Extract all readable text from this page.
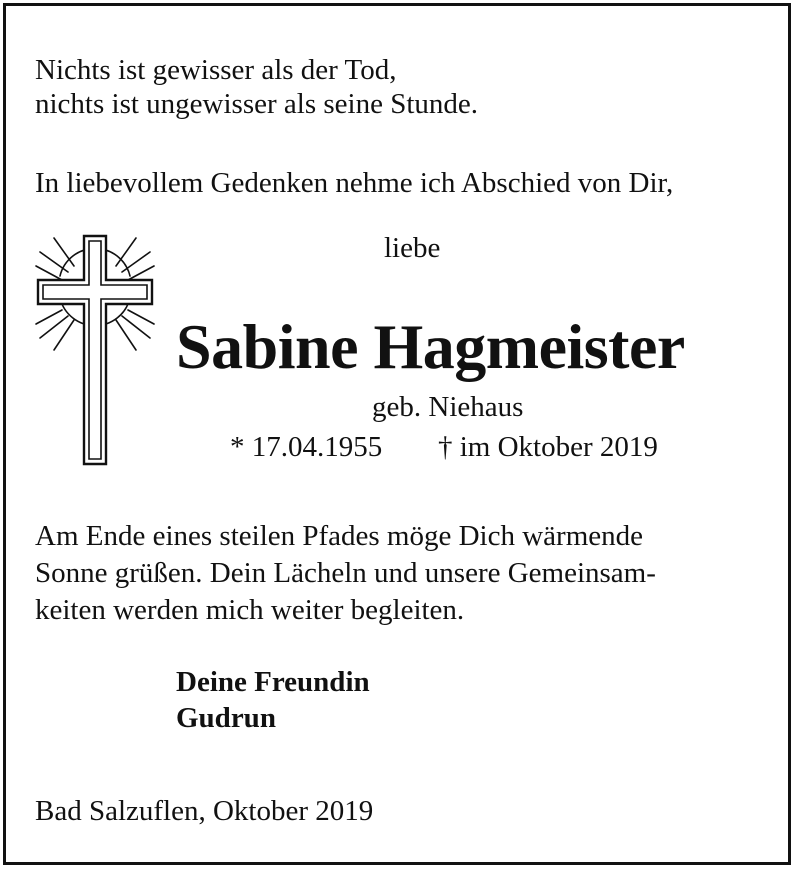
Nichts ist gewisser als der Tod,
nichts ist ungewisser als seine Stunde.
In liebevollem Gedenken nehme ich Abschied von Dir,
liebe
Sabine Hagmeister
geb. Niehaus
* 17.04.1955 † im Oktober 2019
Am Ende eines steilen Pfades möge Dich wärmende
Sonne grüßen. Dein Lächeln und unsere Gemeinsam-
keiten werden mich weiter begleiten.
Deine Freundin
Gudrun
Bad Salzuflen, Oktober 2019
